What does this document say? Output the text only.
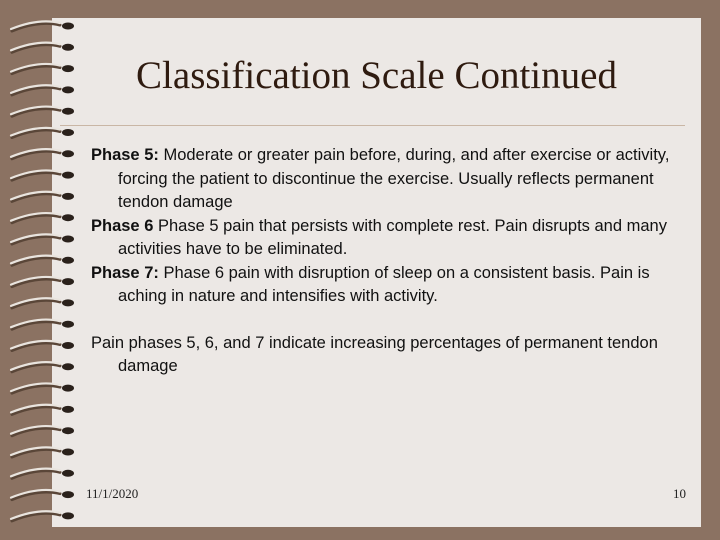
Classification Scale Continued

Phase 5: Moderate or greater pain before, during, and after exercise or activity, forcing the patient to discontinue the exercise. Usually reflects permanent tendon damage

Phase 6 Phase 5 pain that persists with complete rest. Pain disrupts and many activities have to be eliminated.

Phase 7: Phase 6 pain with disruption of sleep on a consistent basis. Pain is aching in nature and intensifies with activity.

Pain phases 5, 6, and 7 indicate increasing percentages of permanent tendon damage

11/1/2020	10
